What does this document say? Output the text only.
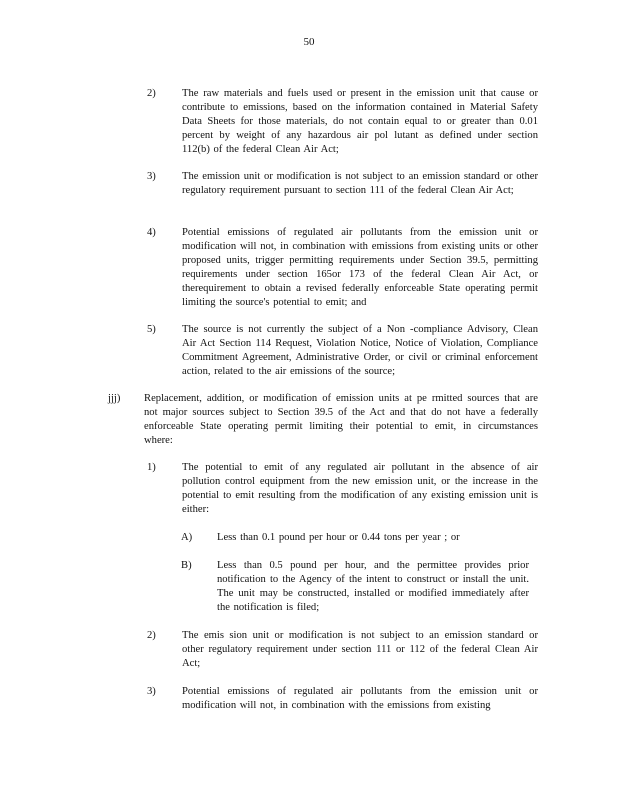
50
2) The raw materials and fuels used or present in the emission unit that cause or contribute to emissions, based on the information contained in Material Safety Data Sheets for those materials, do not contain equal to or greater than 0.01 percent by weight of any hazardous air pol lutant as defined under section 112(b) of the federal Clean Air Act;
3) The emission unit or modification is not subject to an emission standard or other regulatory requirement pursuant to section 111 of the federal Clean Air Act;
4) Potential emissions of regulated air pollutants from the emission unit or modification will not, in combination with emissions from existing units or other proposed units, trigger permitting requirements under Section 39.5, permitting requirements under section 165or 173 of the federal Clean Air Act, or therequirement to obtain a revised federally enforceable State operating permit limiting the source's potential to emit; and
5) The source is not currently the subject of a Non -compliance Advisory, Clean Air Act Section 114 Request, Violation Notice, Notice of Violation, Compliance Commitment Agreement, Administrative Order, or civil or criminal enforcement action, related to the air emissions of the source;
jjj) Replacement, addition, or modification of emission units at pe rmitted sources that are not major sources subject to Section 39.5 of the Act and that do not have a federally enforceable State operating permit limiting their potential to emit, in circumstances where:
1) The potential to emit of any regulated air pollutant in the absence of air pollution control equipment from the new emission unit, or the increase in the potential to emit resulting from the modification of any existing emission unit is either:
A) Less than 0.1 pound per hour or 0.44 tons per year ; or
B) Less than 0.5 pound per hour, and the permittee provides prior notification to the Agency of the intent to construct or install the unit. The unit may be constructed, installed or modified immediately after the notification is filed;
2) The emis sion unit or modification is not subject to an emission standard or other regulatory requirement under section 111 or 112 of the federal Clean Air Act;
3) Potential emissions of regulated air pollutants from the emission unit or modification will not, in combination with the emissions from existing
